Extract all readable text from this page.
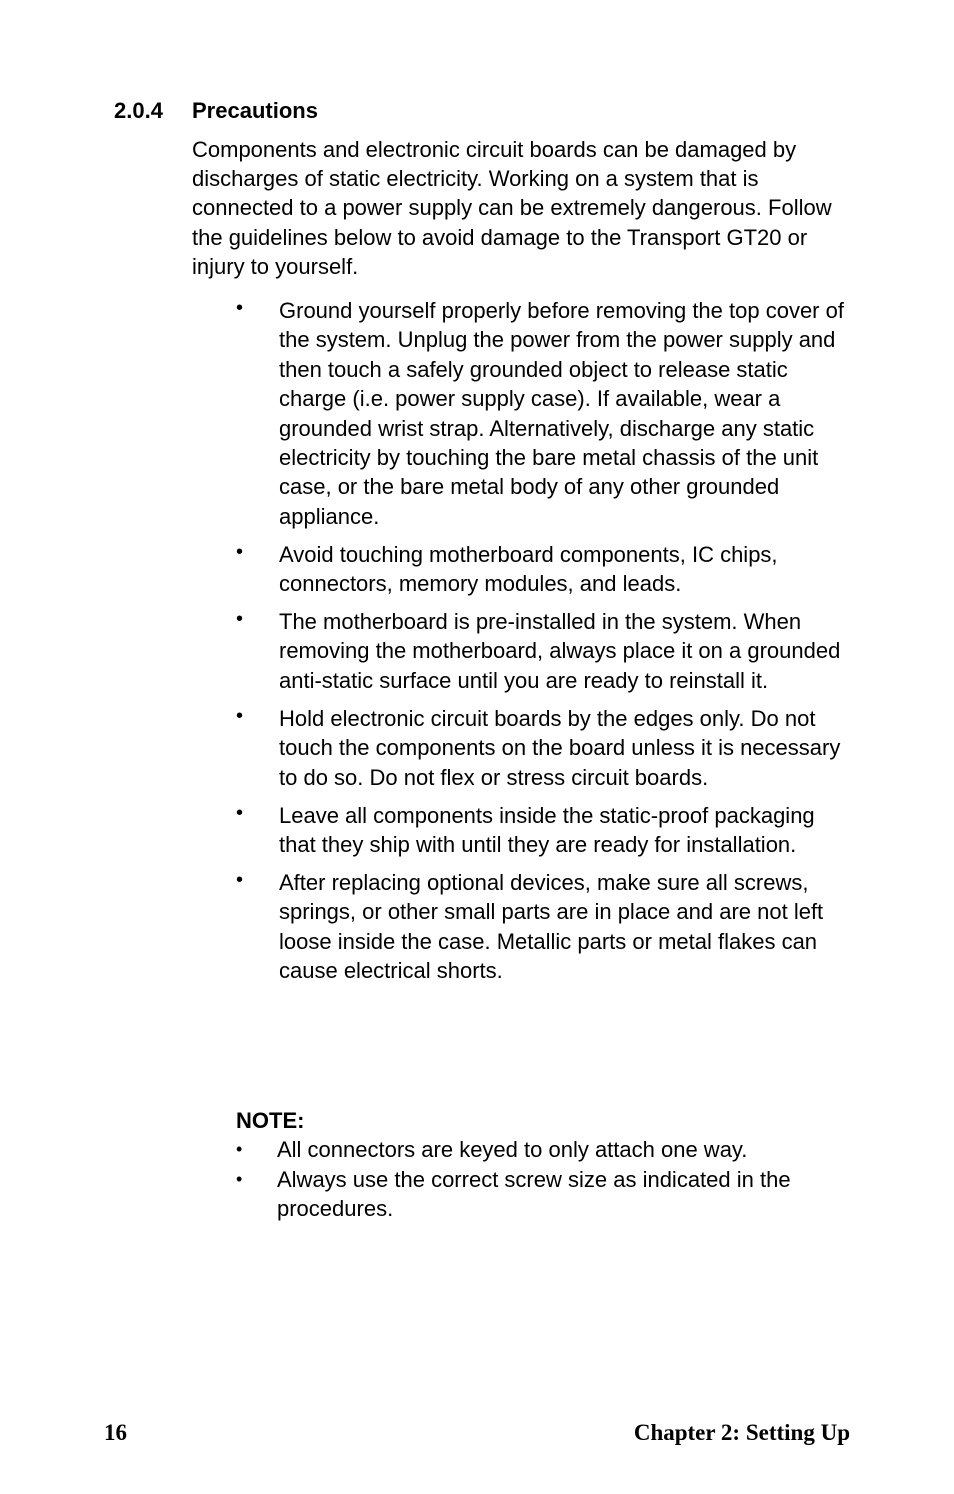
2.0.4 Precautions

Components and electronic circuit boards can be damaged by discharges of static electricity. Working on a system that is connected to a power supply can be extremely dangerous. Follow the guidelines below to avoid damage to the Transport GT20 or injury to yourself.

• Ground yourself properly before removing the top cover of the system. Unplug the power from the power supply and then touch a safely grounded object to release static charge (i.e. power supply case). If available, wear a grounded wrist strap. Alternatively, discharge any static electricity by touching the bare metal chassis of the unit case, or the bare metal body of any other grounded appliance.
• Avoid touching motherboard components, IC chips, connectors, memory modules, and leads.
• The motherboard is pre-installed in the system. When removing the motherboard, always place it on a grounded anti-static surface until you are ready to reinstall it.
• Hold electronic circuit boards by the edges only. Do not touch the components on the board unless it is necessary to do so. Do not flex or stress circuit boards.
• Leave all components inside the static-proof packaging that they ship with until they are ready for installation.
• After replacing optional devices, make sure all screws, springs, or other small parts are in place and are not left loose inside the case. Metallic parts or metal flakes can cause electrical shorts.
NOTE:
• All connectors are keyed to only attach one way.
• Always use the correct screw size as indicated in the procedures.
16	Chapter 2: Setting Up
